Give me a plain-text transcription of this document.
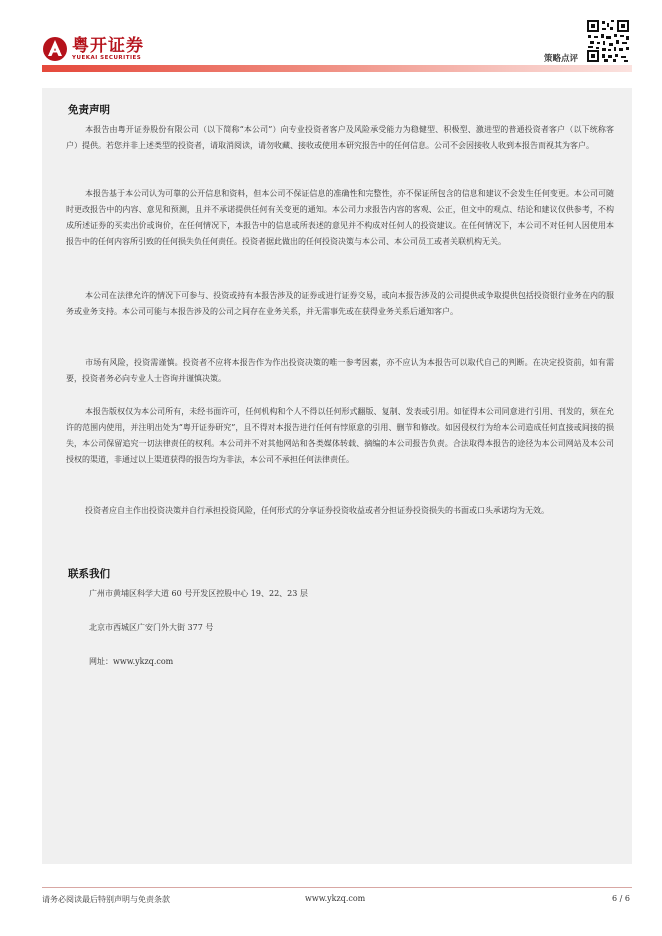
粤开证券
YUEKAI SECURITIES	策略点评
免责声明

本报告由粤开证券股份有限公司（以下简称“本公司”）向专业投资者客户及风险承受能力为稳健型、积极型、激进型的普通投资者客户（以下统称客户）提供。若您并非上述类型的投资者，请取消阅读，请勿收藏、接收或使用本研究报告中的任何信息。公司不会因接收人收到本报告而视其为客户。

本报告基于本公司认为可靠的公开信息和资料，但本公司不保证信息的准确性和完整性，亦不保证所包含的信息和建议不会发生任何变更。本公司可随时更改报告中的内容、意见和预测，且并不承诺提供任何有关变更的通知。本公司力求报告内容的客观、公正，但文中的观点、结论和建议仅供参考，不构成所述证券的买卖出价或询价，在任何情况下，本报告中的信息或所表述的意见并不构成对任何人的投资建议。在任何情况下，本公司不对任何人因使用本报告中的任何内容所引致的任何损失负任何责任。投资者据此做出的任何投资决策与本公司、本公司员工或者关联机构无关。

本公司在法律允许的情况下可参与、投资或持有本报告涉及的证券或进行证券交易，或向本报告涉及的公司提供或争取提供包括投资银行业务在内的服务或业务支持。本公司可能与本报告涉及的公司之间存在业务关系，并无需事先或在获得业务关系后通知客户。

市场有风险，投资需谨慎。投资者不应将本报告作为作出投资决策的唯一参考因素，亦不应认为本报告可以取代自己的判断。在决定投资前，如有需要，投资者务必向专业人士咨询并谨慎决策。

本报告版权仅为本公司所有，未经书面许可，任何机构和个人不得以任何形式翻版、复制、发表或引用。如征得本公司同意进行引用、刊发的，须在允许的范围内使用，并注明出处为“粤开证券研究”，且不得对本报告进行任何有悖原意的引用、删节和修改。如因侵权行为给本公司造成任何直接或间接的损失，本公司保留追究一切法律责任的权利。本公司并不对其他网站和各类媒体转载、摘编的本公司报告负责。合法取得本报告的途径为本公司网站及本公司授权的渠道，非通过以上渠道获得的报告均为非法，本公司不承担任何法律责任。

投资者应自主作出投资决策并自行承担投资风险，任何形式的分享证券投资收益或者分担证券投资损失的书面或口头承诺均为无效。

联系我们
广州市黄埔区科学大道 60 号开发区控股中心 19、22、23 层
北京市西城区广安门外大街 377 号
网址：www.ykzq.com
请务必阅读最后特别声明与免责条款	www.ykzq.com	6 / 6
